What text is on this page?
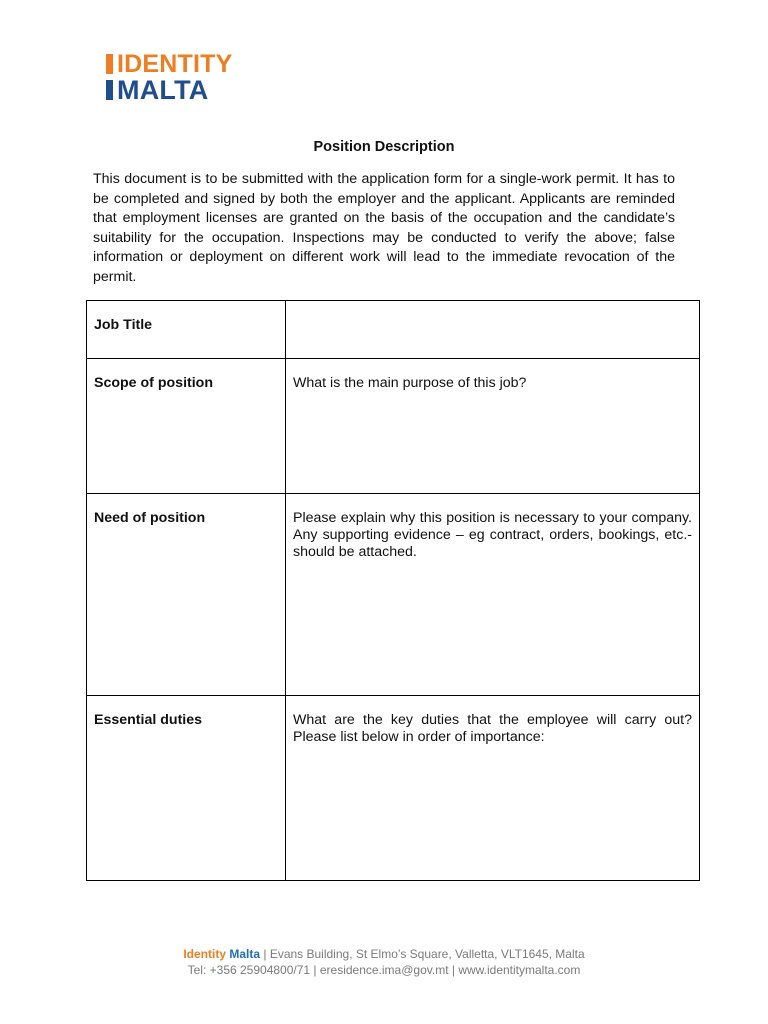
IDENTITY
MALTA
Position Description

This document is to be submitted with the application form for a single-work permit. It has to be completed and signed by both the employer and the applicant. Applicants are reminded that employment licenses are granted on the basis of the occupation and the candidate’s suitability for the occupation. Inspections may be conducted to verify the above; false information or deployment on different work will lead to the immediate revocation of the permit.

Job Title	
Scope of position	What is the main purpose of this job?
Need of position	Please explain why this position is necessary to your company. Any supporting evidence – eg contract, orders, bookings, etc.-should be attached.
Essential duties	What are the key duties that the employee will carry out? Please list below in order of importance:
Identity Malta | Evans Building, St Elmo’s Square, Valletta, VLT1645, Malta
Tel: +356 25904800/71 | eresidence.ima@gov.mt | www.identitymalta.com
